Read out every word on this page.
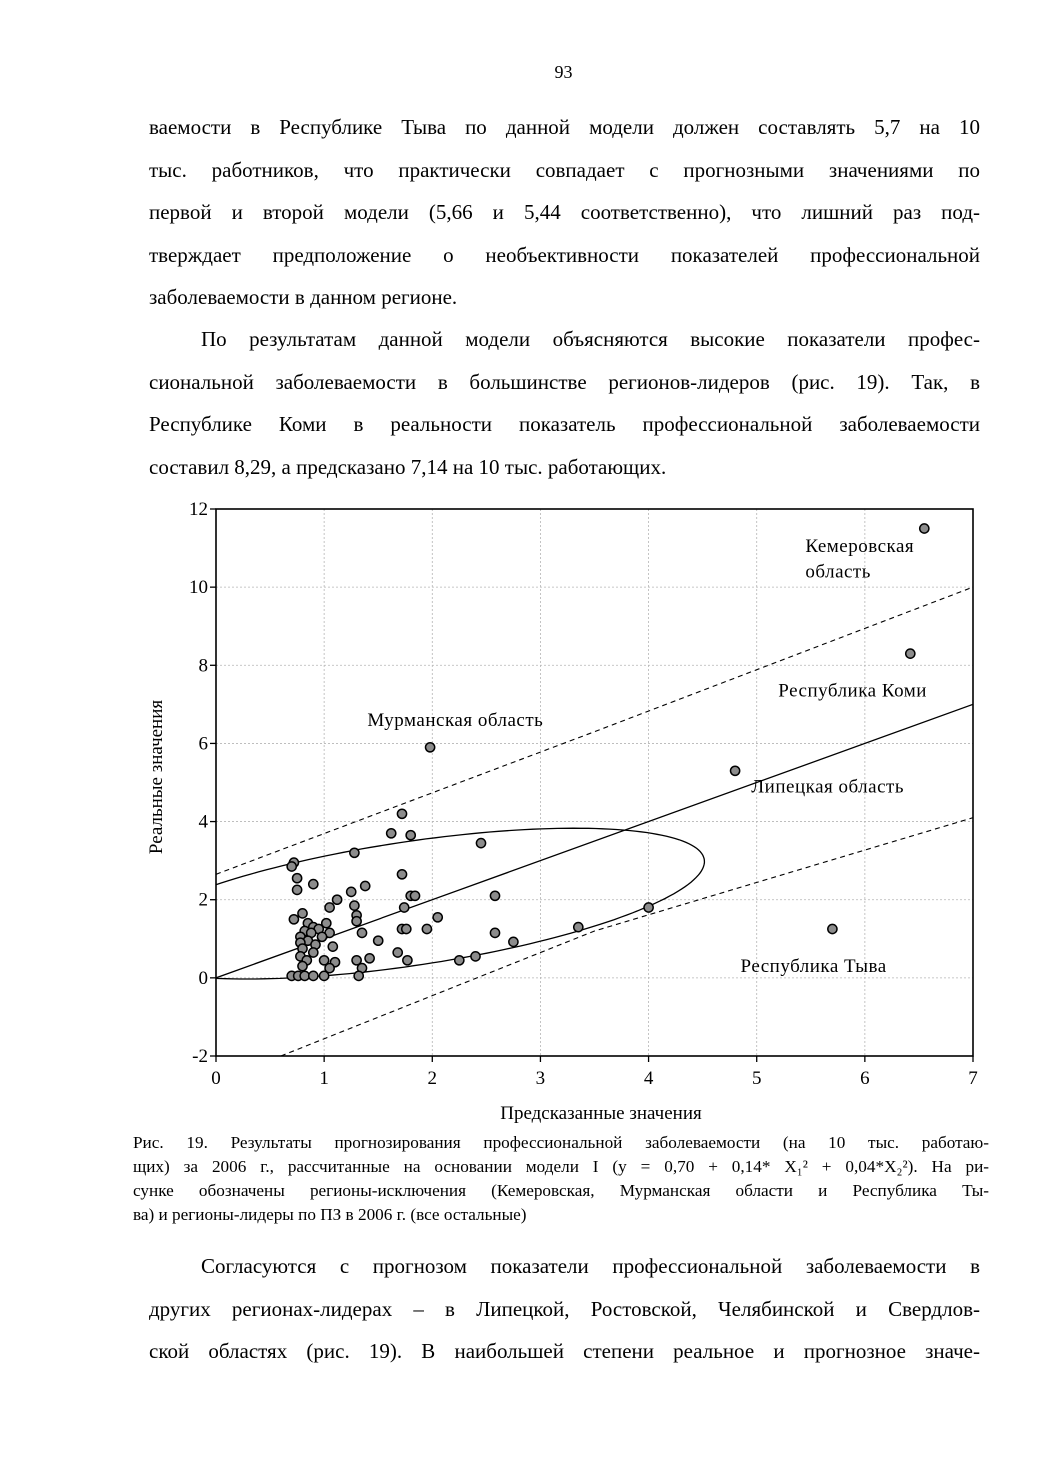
93

ваемости в Республике Тыва по данной модели должен составлять 5,7 на 10
тыс. работников, что практически совпадает с прогнозными значениями по
первой и второй модели (5,66 и 5,44 соответственно), что лишний раз под-
тверждает предположение о необъективности показателей профессиональной
заболеваемости в данном регионе.

По результатам данной модели объясняются высокие показатели профес-
сиональной заболеваемости в большинстве регионов-лидеров (рис. 19). Так, в
Республике Коми в реальности показатель профессиональной заболеваемости
составил 8,29, а предсказано 7,14 на 10 тыс. работающих.

Кемеровская
область
Республика Коми
Мурманская область
Липецкая область
Республика Тыва
0	1	2	3	4	5	6	7
-2
0
2
4
6
8
10
12
Предсказанные значения
Реальные значения
Рис. 19. Результаты прогнозирования профессиональной заболеваемости (на 10 тыс. работаю-
щих) за 2006 г., рассчитанные на основании модели I (y = 0,70 + 0,14* X₁² + 0,04*X₂²). На ри-
сунке обозначены регионы-исключения (Кемеровская, Мурманская области и Республика Ты-
ва) и регионы-лидеры по ПЗ в 2006 г. (все остальные)

Согласуются с прогнозом показатели профессиональной заболеваемости в
других регионах-лидерах – в Липецкой, Ростовской, Челябинской и Свердлов-
ской областях (рис. 19). В наибольшей степени реальное и прогнозное значе-
